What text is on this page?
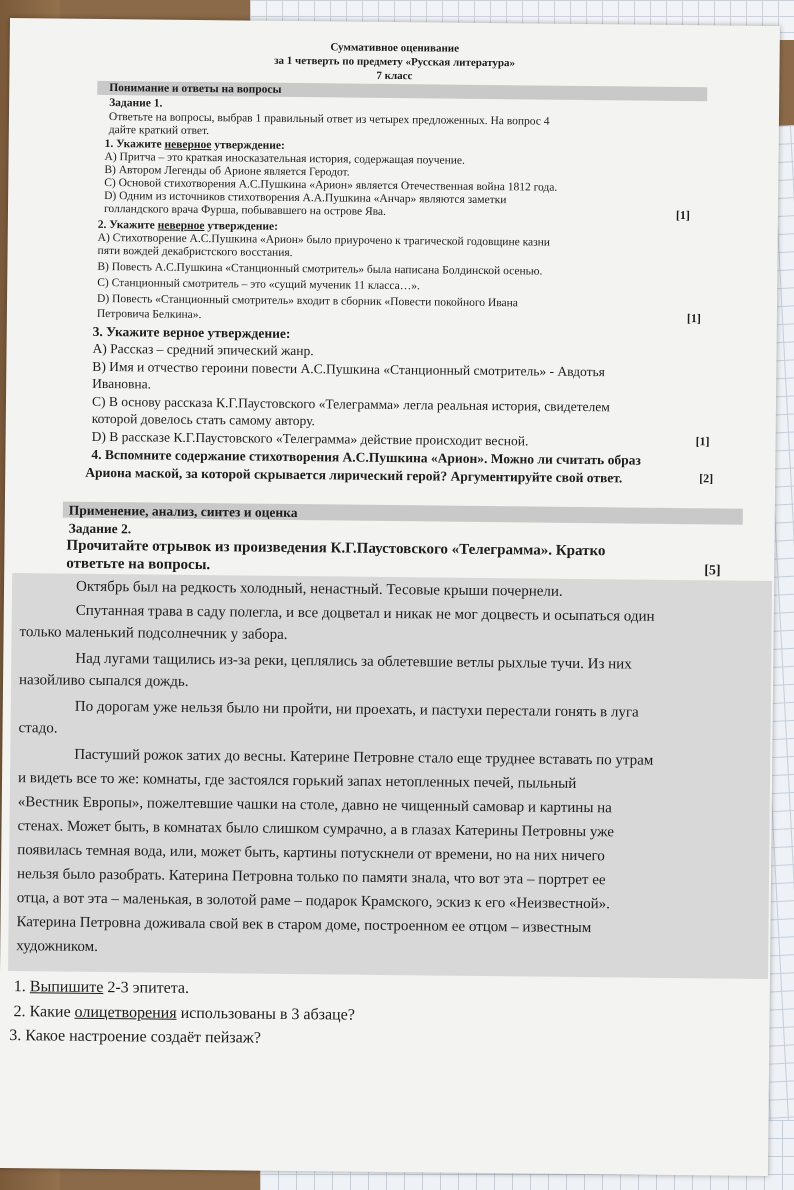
Суммативное оценивание
за 1 четверть по предмету «Русская литература»
7 класс
Понимание и ответы на вопросы
Задание 1.
Ответьте на вопросы, выбрав 1 правильный ответ из четырех предложенных. На вопрос 4
дайте краткий ответ.
1. Укажите неверное утверждение:
A) Притча – это краткая иносказательная история, содержащая поучение.
B) Автором Легенды об Арионе является Геродот.
C) Основой стихотворения А.С.Пушкина «Арион» является Отечественная война 1812 года.
D) Одним из источников стихотворения А.А.Пушкина «Анчар» являются заметки
голландского врача Фурша, побывавшего на острове Ява.	[1]
2. Укажите неверное утверждение:
A) Стихотворение А.С.Пушкина «Арион» было приурочено к трагической годовщине казни
пяти вождей декабристского восстания.
B) Повесть А.С.Пушкина «Станционный смотритель» была написана Болдинской осенью.
C) Станционный смотритель – это «сущий мученик 11 класса…».
D) Повесть «Станционный смотритель» входит в сборник «Повести покойного Ивана
Петровича Белкина».	[1]
3. Укажите верное утверждение:
A) Рассказ – средний эпический жанр.
B) Имя и отчество героини повести А.С.Пушкина «Станционный смотритель» - Авдотья
Ивановна.
C) В основу рассказа К.Г.Паустовского «Телеграмма» легла реальная история, свидетелем
которой довелось стать самому автору.
D) В рассказе К.Г.Паустовского «Телеграмма» действие происходит весной.	[1]
4. Вспомните содержание стихотворения А.С.Пушкина «Арион». Можно ли считать образ
Ариона маской, за которой скрывается лирический герой? Аргументируйте свой ответ.	[2]
Применение, анализ, синтез и оценка
Задание 2.
Прочитайте отрывок из произведения К.Г.Паустовского «Телеграмма». Кратко
ответьте на вопросы.	[5]
Октябрь был на редкость холодный, ненастный. Тесовые крыши почернели.
Спутанная трава в саду полегла, и все доцветал и никак не мог доцвесть и осыпаться один
только маленький подсолнечник у забора.
Над лугами тащились из-за реки, цеплялись за облетевшие ветлы рыхлые тучи. Из них
назойливо сыпался дождь.
По дорогам уже нельзя было ни пройти, ни проехать, и пастухи перестали гонять в луга
стадо.
Пастуший рожок затих до весны. Катерине Петровне стало еще труднее вставать по утрам
и видеть все то же: комнаты, где застоялся горький запах нетопленных печей, пыльный
«Вестник Европы», пожелтевшие чашки на столе, давно не чищенный самовар и картины на
стенах. Может быть, в комнатах было слишком сумрачно, а в глазах Катерины Петровны уже
появилась темная вода, или, может быть, картины потускнели от времени, но на них ничего
нельзя было разобрать. Катерина Петровна только по памяти знала, что вот эта – портрет ее
отца, а вот эта – маленькая, в золотой раме – подарок Крамского, эскиз к его «Неизвестной».
Катерина Петровна доживала свой век в старом доме, построенном ее отцом – известным
художником.
1. Выпишите 2-3 эпитета.
2. Какие олицетворения использованы в 3 абзаце?
3. Какое настроение создаёт пейзаж?
